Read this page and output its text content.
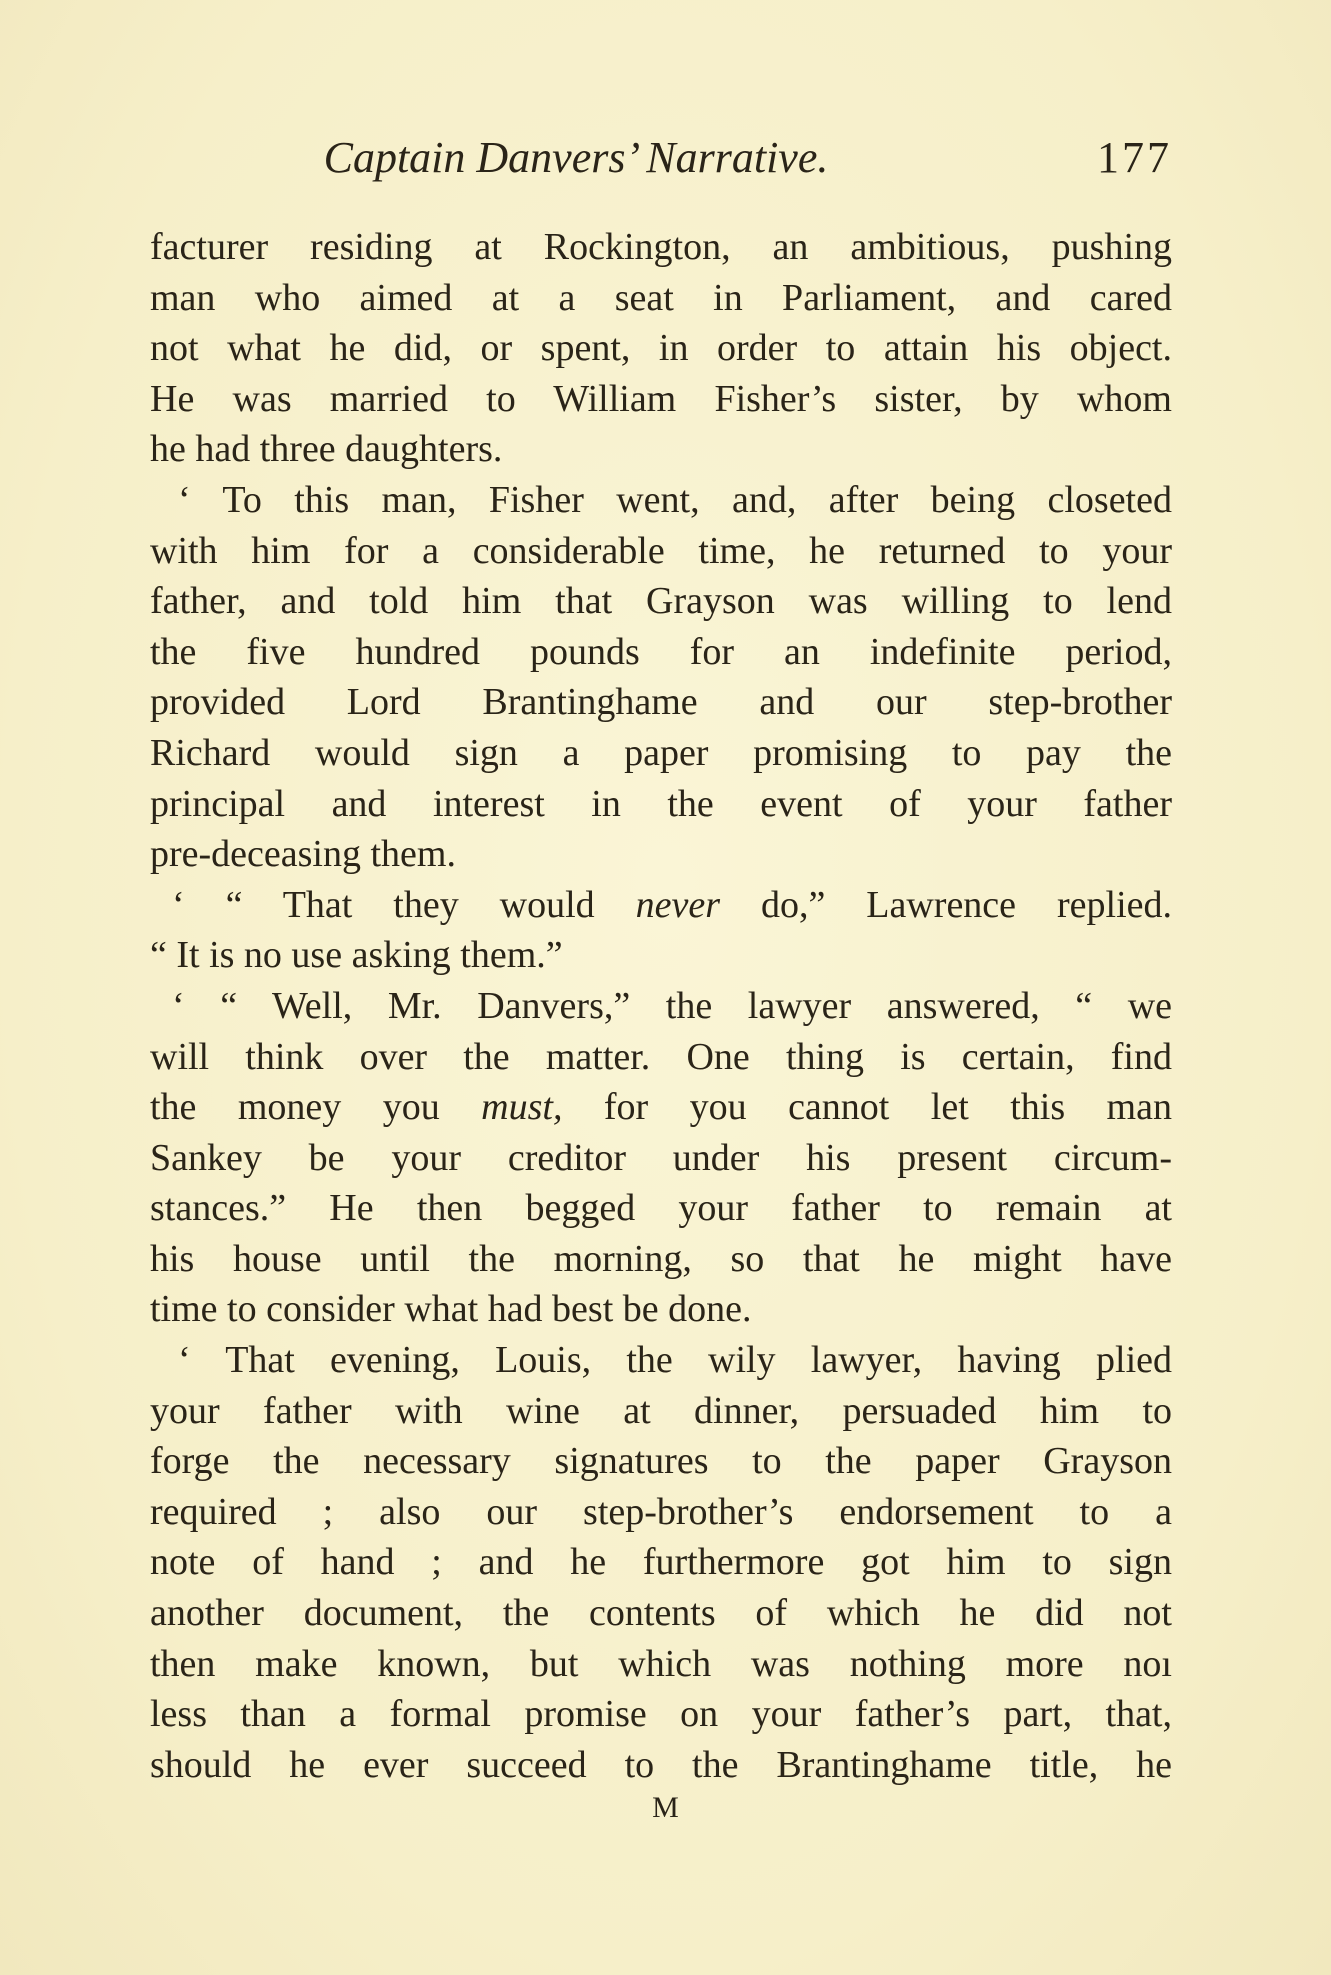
Captain Danvers’ Narrative.	177
facturer residing at Rockington, an ambitious, pushing
man who aimed at a seat in Parliament, and cared
not what he did, or spent, in order to attain his object.
He was married to William Fisher’s sister, by whom
he had three daughters.
‘ To this man, Fisher went, and, after being closeted
with him for a considerable time, he returned to your
father, and told him that Grayson was willing to lend
the five hundred pounds for an indefinite period,
provided Lord Brantinghame and our step-brother
Richard would sign a paper promising to pay the
principal and interest in the event of your father
pre-deceasing them.
‘ “ That they would never do,” Lawrence replied.
“ It is no use asking them.”
‘ “ Well, Mr. Danvers,” the lawyer answered, “ we
will think over the matter. One thing is certain, find
the money you must, for you cannot let this man
Sankey be your creditor under his present circum-
stances.” He then begged your father to remain at
his house until the morning, so that he might have
time to consider what had best be done.
‘ That evening, Louis, the wily lawyer, having plied
your father with wine at dinner, persuaded him to
forge the necessary signatures to the paper Grayson
required ; also our step-brother’s endorsement to a
note of hand ; and he furthermore got him to sign
another document, the contents of which he did not
then make known, but which was nothing more noı
less than a formal promise on your father’s part, that,
should he ever succeed to the Brantinghame title, he
M
